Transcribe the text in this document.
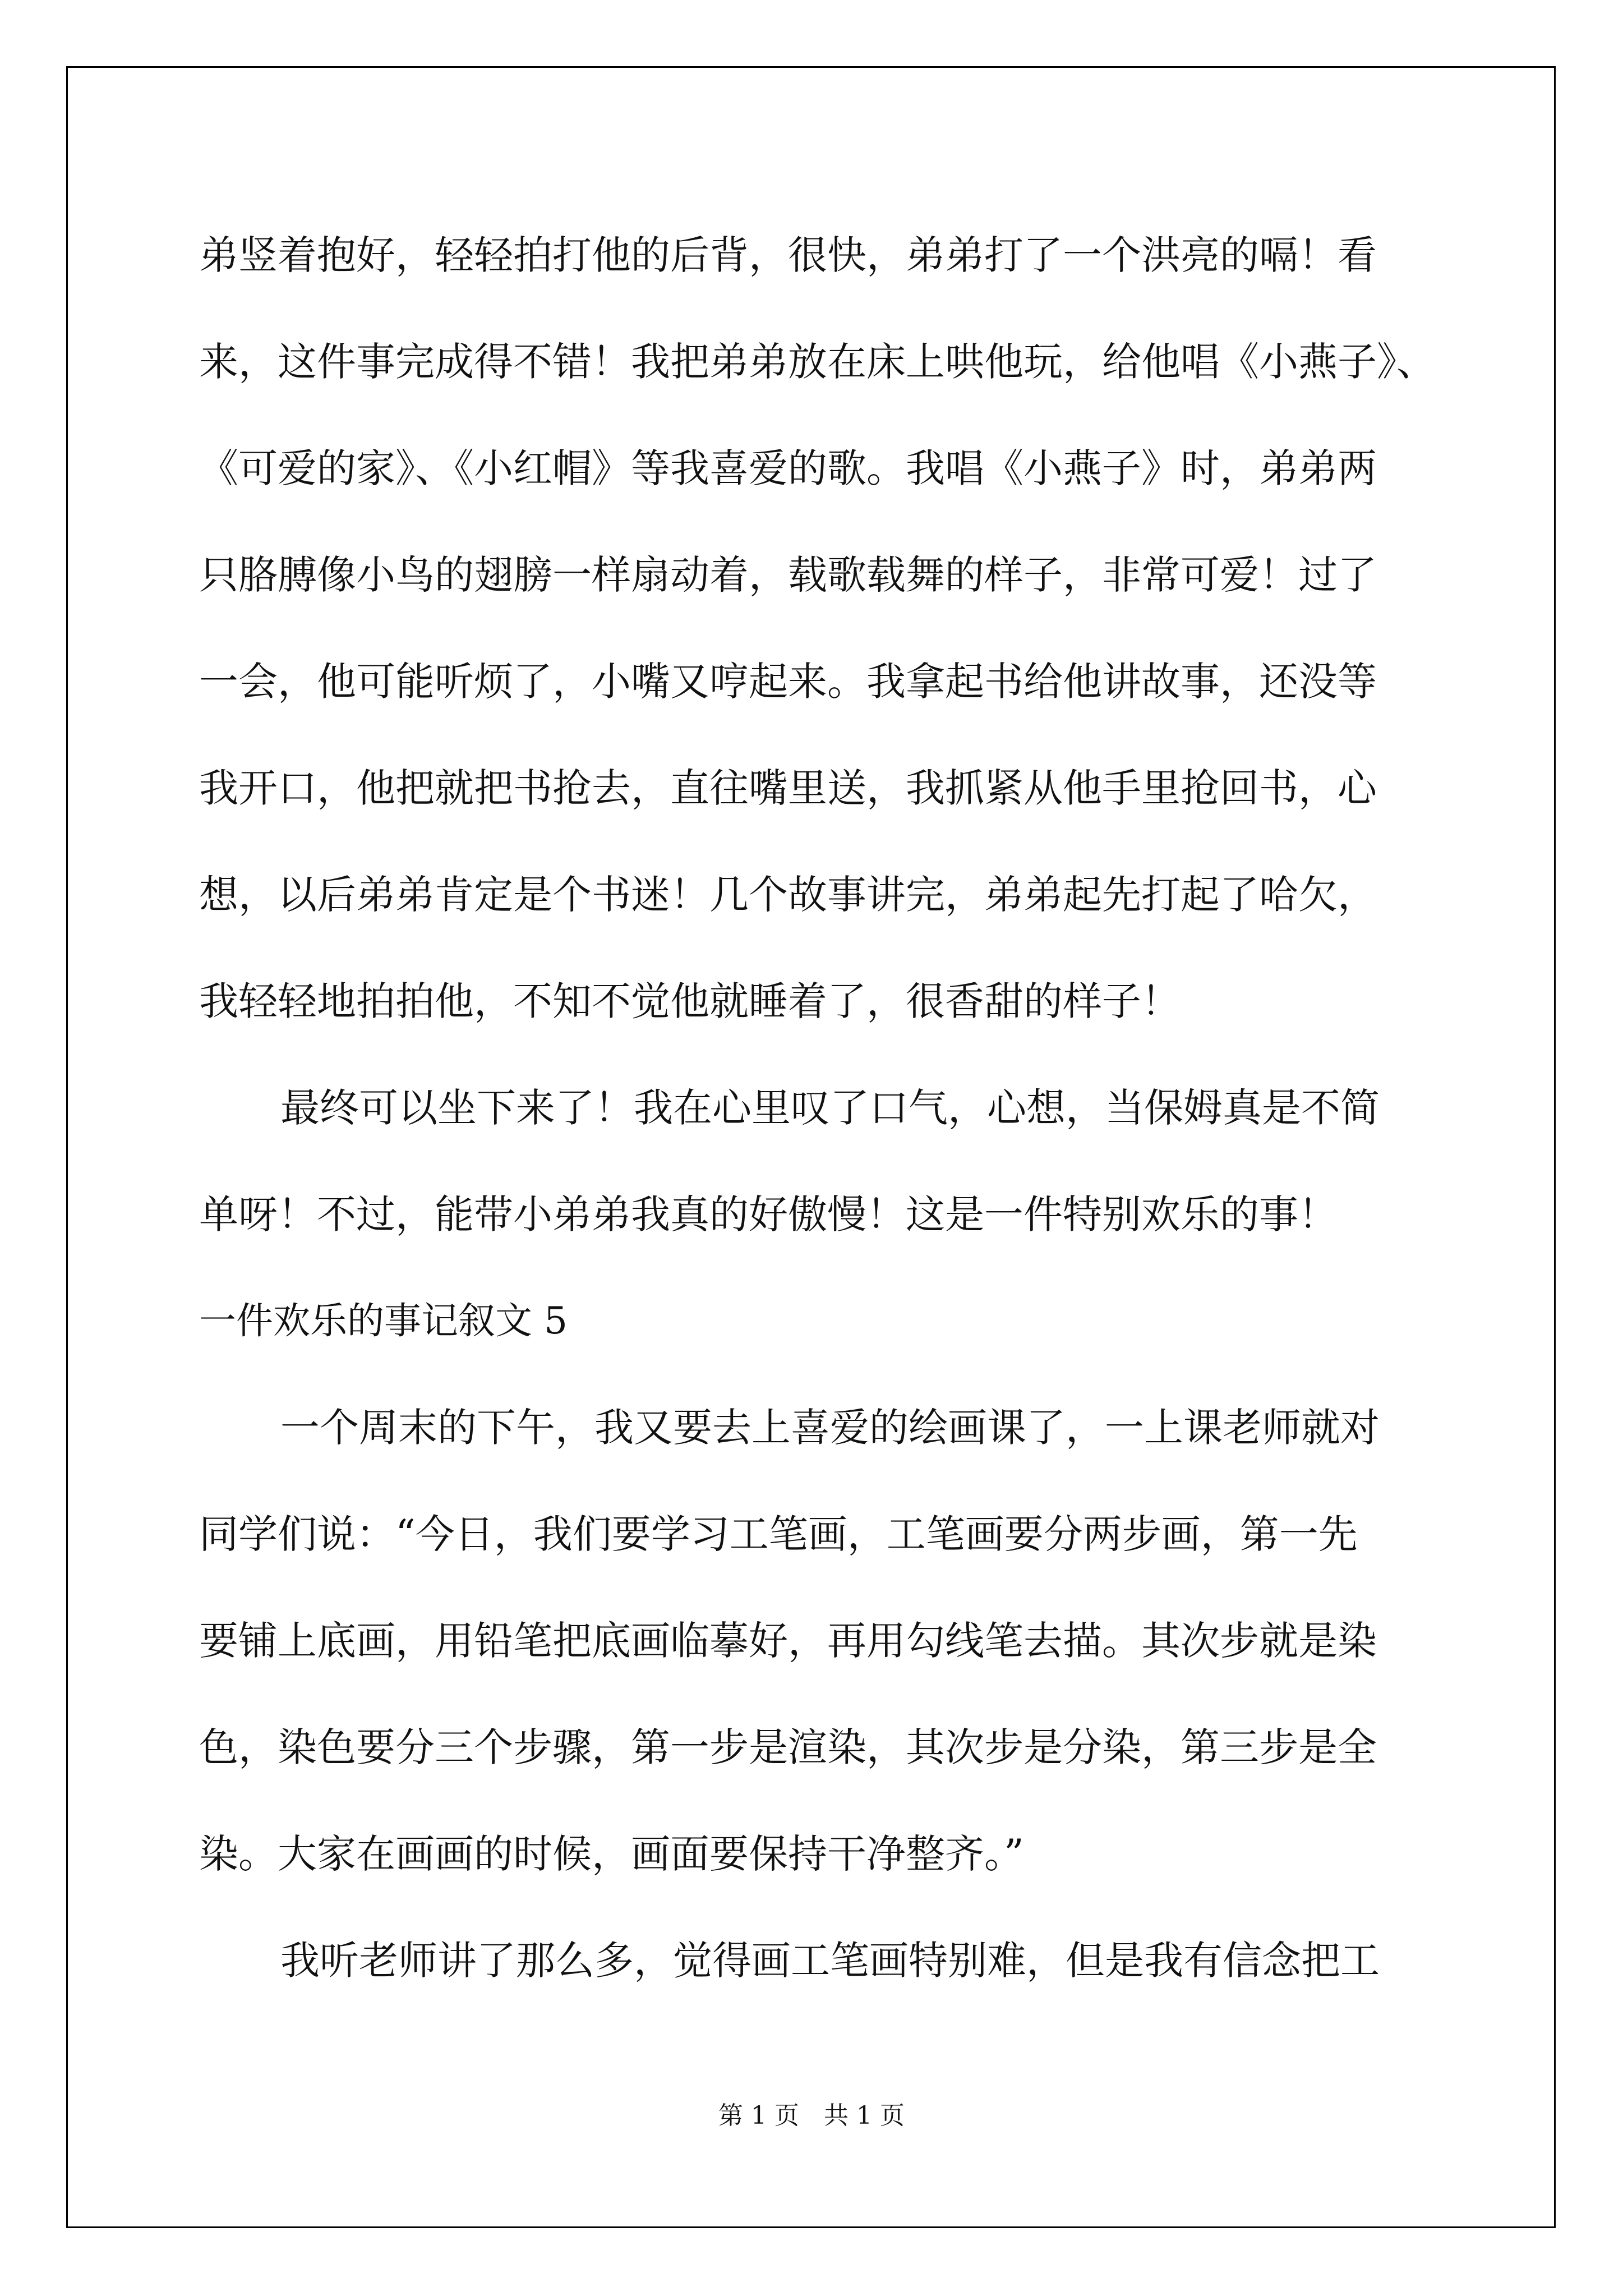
弟竖着抱好，轻轻拍打他的后背，很快，弟弟打了一个洪亮的嗝！看
来，这件事完成得不错！我把弟弟放在床上哄他玩，给他唱《小燕子》、
《可爱的家》、《小红帽》等我喜爱的歌。我唱《小燕子》时，弟弟两
只胳膊像小鸟的翅膀一样扇动着，载歌载舞的样子，非常可爱！过了
一会，他可能听烦了，小嘴又哼起来。我拿起书给他讲故事，还没等
我开口，他把就把书抢去，直往嘴里送，我抓紧从他手里抢回书，心
想，以后弟弟肯定是个书迷！几个故事讲完，弟弟起先打起了哈欠，
我轻轻地拍拍他，不知不觉他就睡着了，很香甜的样子！
最终可以坐下来了！我在心里叹了口气，心想，当保姆真是不简
单呀！不过，能带小弟弟我真的好傲慢！这是一件特别欢乐的事！
一件欢乐的事记叙文 5
一个周末的下午，我又要去上喜爱的绘画课了，一上课老师就对
同学们说：“今日，我们要学习工笔画，工笔画要分两步画，第一先
要铺上底画，用铅笔把底画临摹好，再用勾线笔去描。其次步就是染
色，染色要分三个步骤，第一步是渲染，其次步是分染，第三步是全
染。大家在画画的时候，画面要保持干净整齐。”
我听老师讲了那么多，觉得画工笔画特别难，但是我有信念把工
第 1 页　共 1 页
